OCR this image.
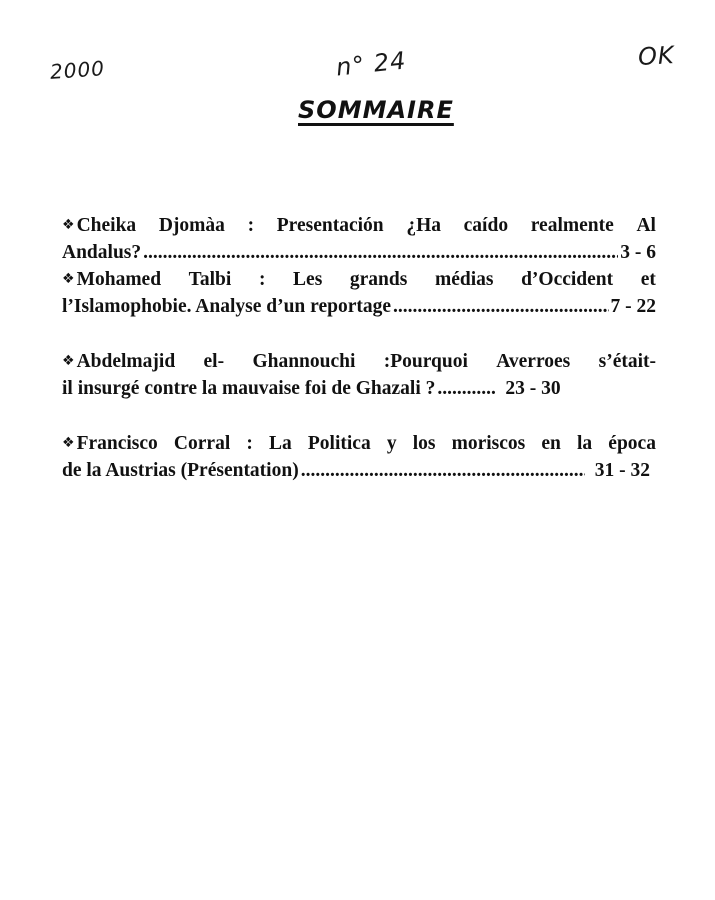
2000	n° 24	OK
SOMMAIRE
❖ Cheika Djomàa : Presentación ¿Ha caído realmente Al
Andalus? .....	3 - 6
❖ Mohamed Talbi : Les grands médias d’Occident et
l’Islamophobie. Analyse d’un reportage .....	7 - 22
❖ Abdelmajid el- Ghannouchi :Pourquoi Averroes s’était-
il insurgé contre la mauvaise foi de Ghazali ? .....	23 - 30
❖ Francisco Corral : La Politica y los moriscos en la época
de la Austrias (Présentation) .....	31 - 32
